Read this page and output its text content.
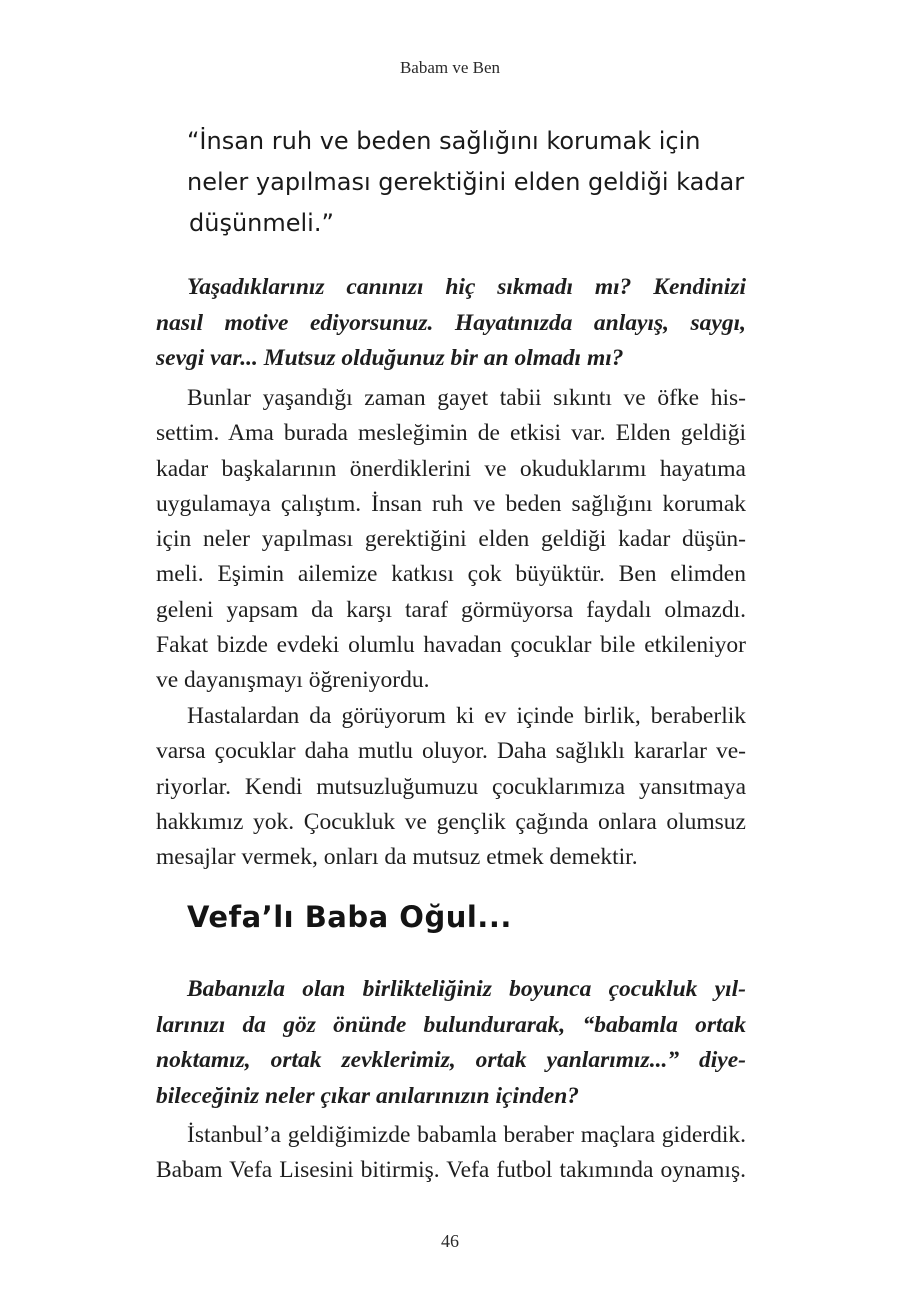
Babam ve Ben

“İnsan ruh ve beden sağlığını korumak için
neler yapılması gerektiğini elden geldiği kadar
düşünmeli.”

Yaşadıklarınız canınızı hiç sıkmadı mı? Kendinizi
nasıl motive ediyorsunuz. Hayatınızda anlayış, saygı,
sevgi var... Mutsuz olduğunuz bir an olmadı mı?
Bunlar yaşandığı zaman gayet tabii sıkıntı ve öfke his-
settim. Ama burada mesleğimin de etkisi var. Elden geldiği
kadar başkalarının önerdiklerini ve okuduklarımı hayatıma
uygulamaya çalıştım. İnsan ruh ve beden sağlığını korumak
için neler yapılması gerektiğini elden geldiği kadar düşün-
meli. Eşimin ailemize katkısı çok büyüktür. Ben elimden
geleni yapsam da karşı taraf görmüyorsa faydalı olmazdı.
Fakat bizde evdeki olumlu havadan çocuklar bile etkileniyor
ve dayanışmayı öğreniyordu.
Hastalardan da görüyorum ki ev içinde birlik, beraberlik
varsa çocuklar daha mutlu oluyor. Daha sağlıklı kararlar ve-
riyorlar. Kendi mutsuzluğumuzu çocuklarımıza yansıtmaya
hakkımız yok. Çocukluk ve gençlik çağında onlara olumsuz
mesajlar vermek, onları da mutsuz etmek demektir.
Vefa’lı Baba Oğul...
Babanızla olan birlikteliğiniz boyunca çocukluk yıl-
larınızı da göz önünde bulundurarak, “babamla ortak
noktamız, ortak zevklerimiz, ortak yanlarımız...” diye-
bileceğiniz neler çıkar anılarınızın içinden?
İstanbul’a geldiğimizde babamla beraber maçlara giderdik.
Babam Vefa Lisesini bitirmiş. Vefa futbol takımında oynamış.
46
